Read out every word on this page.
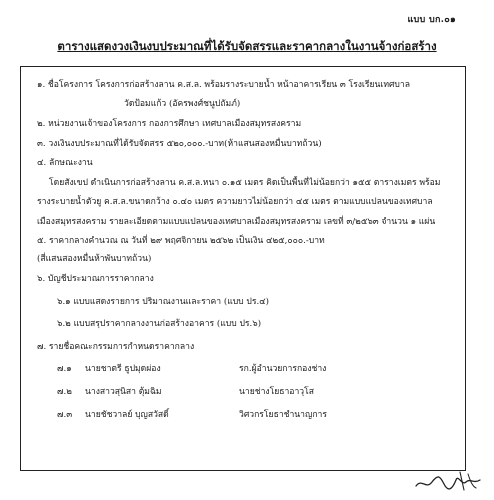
แบบ บก.๐๑
ตารางแสดงวงเงินงบประมาณที่ได้รับจัดสรรและราคากลางในงานจ้างก่อสร้าง
๑. ชื่อโครงการ โครงการก่อสร้างลาน ค.ส.ล. พร้อมรางระบายน้ำ หน้าอาคารเรียน ๓ โรงเรียนเทศบาล
วัดป้อมแก้ว (อัครพงศ์ชนูปถัมภ์)
๒. หน่วยงานเจ้าของโครงการ กองการศึกษา เทศบาลเมืองสมุทรสงคราม
๓. วงเงินงบประมาณที่ได้รับจัดสรร ๕๒๐,๐๐๐.-บาท(ห้าแสนสองหมื่นบาทถ้วน)
๔. ลักษณะงาน
โดยสังเขป ดำเนินการก่อสร้างลาน ค.ส.ล.หนา ๐.๑๕ เมตร คิดเป็นพื้นที่ไม่น้อยกว่า ๑๕๕ ตารางเมตร พร้อม
รางระบายน้ำตัวยู ค.ส.ล.ขนาดกว้าง ๐.๔๐ เมตร ความยาวไม่น้อยกว่า ๔๕ เมตร ตามแบบแปลนของเทศบาล
เมืองสมุทรสงคราม รายละเอียดตามแบบแปลนของเทศบาลเมืองสมุทรสงคราม เลขที่ ๓/๒๕๖๓ จำนวน ๑ แผ่น
๕. ราคากลางคำนวณ ณ วันที่ ๒๙ พฤศจิกายน ๒๕๖๒ เป็นเงิน ๔๒๕,๐๐๐.-บาท
(สี่แสนสองหมื่นห้าพันบาทถ้วน)
๖. บัญชีประมาณการราคากลาง
๖.๑ แบบแสดงรายการ ปริมาณงานและราคา (แบบ ปร.๔)
๖.๒ แบบสรุปราคากลางงานก่อสร้างอาคาร (แบบ ปร.๖)
๗. รายชื่อคณะกรรมการกำหนดราคากลาง
๗.๑ นายชาตรี ธูปมุดผ่อง	รก.ผู้อำนวยการกองช่าง
๗.๒ นางสาวสุนิสา ตุ้มฉิม	นายช่างโยธาอาวุโส
๗.๓ นายชัชวาลย์ บุญสวัสดิ์	วิศวกรโยธาชำนาญการ
